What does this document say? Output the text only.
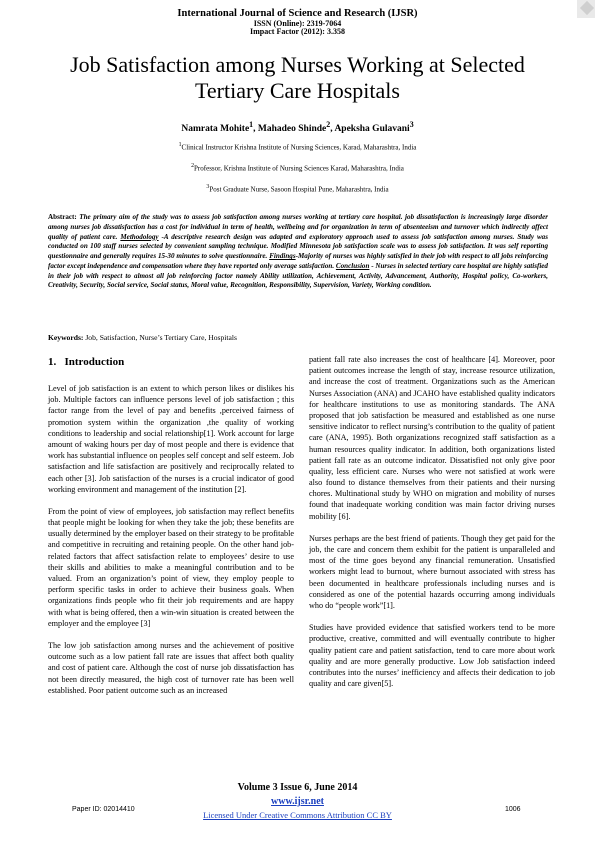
International Journal of Science and Research (IJSR)
ISSN (Online): 2319-7064
Impact Factor (2012): 3.358
Job Satisfaction among Nurses Working at Selected Tertiary Care Hospitals
Namrata Mohite$^1$, Mahadeo Shinde$^2$, Apeksha Gulavani$^3$
$^1$Clinical Instructor Krishna Institute of Nursing Sciences, Karad, Maharashtra, India
$^2$Professor, Krishna Institute of Nursing Sciences Karad, Maharashtra, India
$^3$Post Graduate Nurse, Sasoon Hospital Pune, Maharashtra, India
Abstract: The primary aim of the study was to assess job satisfaction among nurses working at tertiary care hospital. job dissatisfaction is increasingly large disorder among nurses job dissatisfaction has a cost for individual in term of health, wellbeing and for organization in term of absenteeism and turnover which indirectly affect quality of patient care. Methodology -A descriptive research design was adapted and exploratory approach used to assess job satisfaction among nurses. Study was conducted on 100 staff nurses selected by convenient sampling technique. Modified Minnesota job satisfaction scale was to assess job satisfaction. It was self reporting questionnaire and generally requires 15-30 minutes to solve questionnaire. Findings-Majority of nurses was highly satisfied in their job with respect to all jobs reinforcing factor except independence and compensation where they have reported only average satisfaction. Conclusion - Nurses in selected tertiary care hospital are highly satisfied in their job with respect to almost all job reinforcing factor namely Ability utilization, Achievement, Activity, Advancement, Authority, Hospital policy, Co-workers, Creativity, Security, Social service, Social status, Moral value, Recognition, Responsibility, Supervision, Variety, Working condition.
Keywords: Job, Satisfaction, Nurse’s Tertiary Care, Hospitals
1. Introduction

Level of job satisfaction is an extent to which person likes or dislikes his job. Multiple factors can influence persons level of job satisfaction ; this factor range from the level of pay and benefits ,perceived fairness of promotion system within the organization ,the quality of working conditions to leadership and social relationship[1]. Work account for large amount of waking hours per day of most people and there is evidence that work has substantial influence on peoples self concept and self esteem. Job satisfaction and life satisfaction are positively and reciprocally related to each other [3]. Job satisfaction of the nurses is a crucial indicator of good working environment and management of the institution [2].

From the point of view of employees, job satisfaction may reflect benefits that people might be looking for when they take the job; these benefits are usually determined by the employer based on their strategy to be profitable and competitive in recruiting and retaining people. On the other hand job-related factors that affect satisfaction relate to employees’ desire to use their skills and abilities to make a meaningful contribution and to be valued. From an organization’s point of view, they employ people to perform specific tasks in order to achieve their business goals. When organizations finds people who fit their job requirements and are happy with what is being offered, then a win-win situation is created between the employer and the employee [3]

The low job satisfaction among nurses and the achievement of positive outcome such as a low patient fall rate are issues that affect both quality and cost of patient care. Although the cost of nurse job dissatisfaction has not been directly measured, the high cost of turnover rate has been well established. Poor patient outcome such as an increased

patient fall rate also increases the cost of healthcare [4]. Moreover, poor patient outcomes increase the length of stay, increase resource utilization, and increase the cost of treatment. Organizations such as the American Nurses Association (ANA) and JCAHO have established quality indicators for healthcare institutions to use as monitoring standards. The ANA proposed that job satisfaction be measured and established as one nurse sensitive indicator to reflect nursing’s contribution to the quality of patient care (ANA, 1995). Both organizations recognized staff satisfaction as a human resources quality indicator. In addition, both organizations listed patient fall rate as an outcome indicator. Dissatisfied not only give poor quality, less efficient care. Nurses who were not satisfied at work were also found to distance themselves from their patients and their nursing chores. Multinational study by WHO on migration and mobility of nurses found that inadequate working condition was main factor driving nurses mobility [6].

Nurses perhaps are the best friend of patients. Though they get paid for the job, the care and concern them exhibit for the patient is unparalleled and most of the time goes beyond any financial remuneration. Unsatisfied workers might lead to burnout, where burnout associated with stress has been documented in healthcare professionals including nurses and is considered as one of the potential hazards occurring among individuals who do “people work”[1].

Studies have provided evidence that satisfied workers tend to be more productive, creative, committed and will eventually contribute to higher quality patient care and patient satisfaction, tend to care more about work quality and are more generally productive. Low Job satisfaction indeed contributes into the nurses’ inefficiency and affects their dedication to job quality and care given[5].

Volume 3 Issue 6, June 2014
www.ijsr.net
Paper ID: 02014410
Licensed Under Creative Commons Attribution CC BY
1006
